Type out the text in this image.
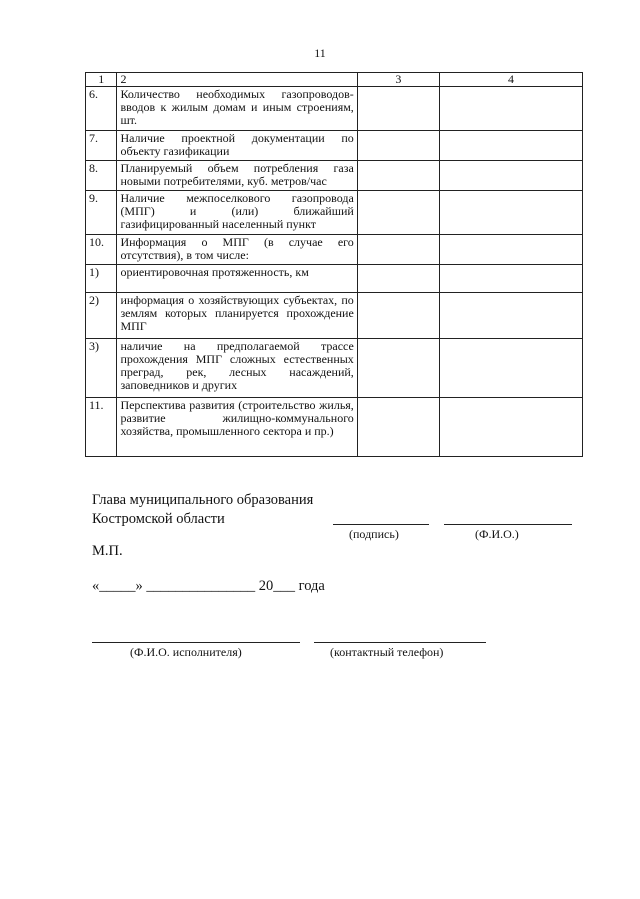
11
1	2	3	4
6.	Количество необходимых газопроводов-вводов к жилым домам и иным строениям, шт.		
7.	Наличие проектной документации по объекту газификации		
8.	Планируемый объем потребления газа новыми потребителями, куб. метров/час		
9.	Наличие межпоселкового газопровода (МПГ) и (или) ближайший газифицированный населенный пункт		
10.	Информация о МПГ (в случае его отсутствия), в том числе:		
1)	ориентировочная протяженность, км		
2)	информация о хозяйствующих субъектах, по землям которых планируется прохождение МПГ		
3)	наличие на предполагаемой трассе прохождения МПГ сложных естественных преград, рек, лесных насаждений, заповедников и других		
11.	Перспектива развития (строительство жилья, развитие жилищно-коммунального хозяйства, промышленного сектора и пр.)		
Глава муниципального образования
Костромской области
(подпись)	(Ф.И.О.)
М.П.
«_____» _______________ 20___ года
(Ф.И.О. исполнителя)	(контактный телефон)
